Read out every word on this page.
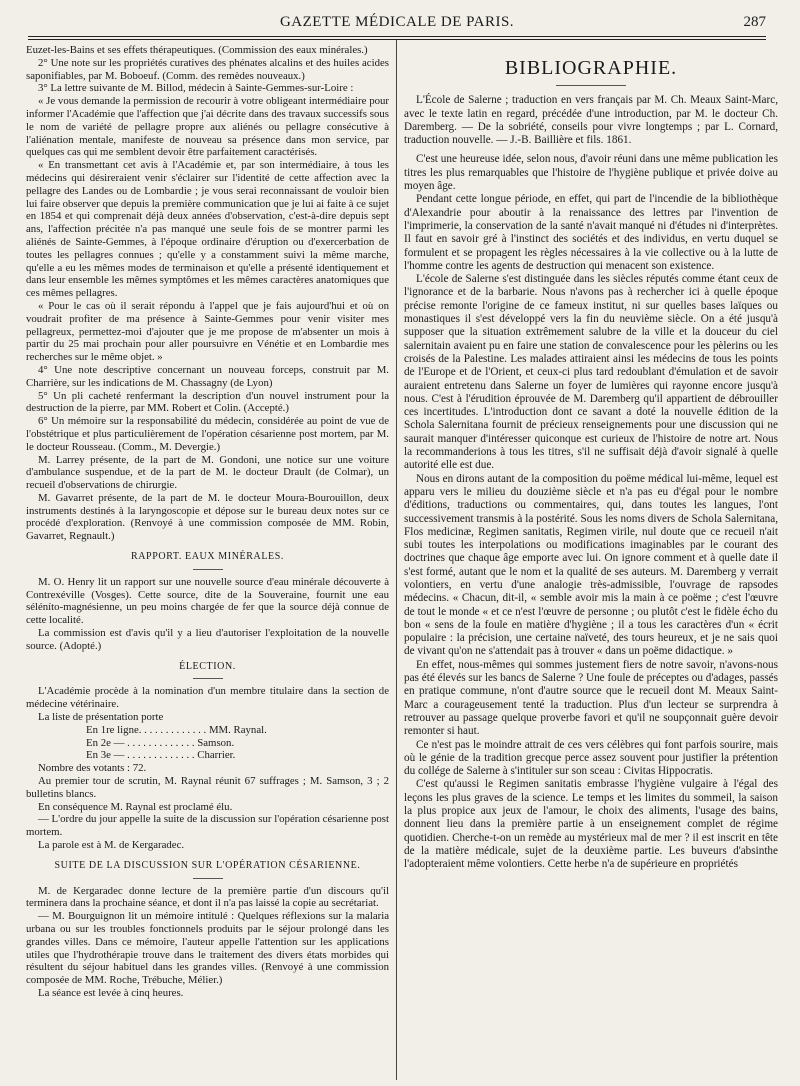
GAZETTE MÉDICALE DE PARIS.	287

Euzet-les-Bains et ses effets thérapeutiques. (Commission des eaux minérales.)

2° Une note sur les propriétés curatives des phénates alcalins et des huiles acides saponifiables, par M. Boboeuf. (Comm. des remèdes nouveaux.)

3° La lettre suivante de M. Billod, médecin à Sainte-Gemmes-sur-Loire :

« Je vous demande la permission de recourir à votre obligeant intermédiaire pour informer l'Académie que l'affection que j'ai décrite dans des travaux successifs sous le nom de variété de pellagre propre aux aliénés ou pellagre consécutive à l'aliénation mentale, manifeste de nouveau sa présence dans mon service, par quelques cas qui me semblent devoir être parfaitement caractérisés.

« En transmettant cet avis à l'Académie et, par son intermédiaire, à tous les médecins qui désireraient venir s'éclairer sur l'identité de cette affection avec la pellagre des Landes ou de Lombardie ; je vous serai reconnaissant de vouloir bien lui faire observer que depuis la première communication que je lui ai faite à ce sujet en 1854 et qui comprenait déjà deux années d'observation, c'est-à-dire depuis sept ans, l'affection précitée n'a pas manqué une seule fois de se montrer parmi les aliénés de Sainte-Gemmes, à l'époque ordinaire d'éruption ou d'exercerbation de toutes les pellagres connues ; qu'elle y a constamment suivi la même marche, qu'elle a eu les mêmes modes de terminaison et qu'elle a présenté identiquement et dans leur ensemble les mêmes symptômes et les mêmes caractères anatomiques que ces mêmes pellagres.

« Pour le cas où il serait répondu à l'appel que je fais aujourd'hui et où on voudrait profiter de ma présence à Sainte-Gemmes pour venir visiter mes pellagreux, permettez-moi d'ajouter que je me propose de m'absenter un mois à partir du 25 mai prochain pour aller poursuivre en Vénétie et en Lombardie mes recherches sur le même objet. »

4° Une note descriptive concernant un nouveau forceps, construit par M. Charrière, sur les indications de M. Chassagny (de Lyon)

5° Un pli cacheté renfermant la description d'un nouvel instrument pour la destruction de la pierre, par MM. Robert et Colin. (Accepté.)

6° Un mémoire sur la responsabilité du médecin, considérée au point de vue de l'obstétrique et plus particulièrement de l'opération césarienne post mortem, par M. le docteur Rousseau. (Comm., M. Devergie.)

M. Larrey présente, de la part de M. Gondoni, une notice sur une voiture d'ambulance suspendue, et de la part de M. le docteur Drault (de Colmar), un recueil d'observations de chirurgie.

M. Gavarret présente, de la part de M. le docteur Moura-Bourouillon, deux instruments destinés à la laryngoscopie et dépose sur le bureau deux notes sur ce procédé d'exploration. (Renvoyé à une commission composée de MM. Robin, Gavarret, Regnault.)

RAPPORT. EAUX MINÉRALES.

M. O. Henry lit un rapport sur une nouvelle source d'eau minérale découverte à Contrexéville (Vosges). Cette source, dite de la Souveraine, fournit une eau séléníto-magnésienne, un peu moins chargée de fer que la source déjà connue de cette localité.

La commission est d'avis qu'il y a lieu d'autoriser l'exploitation de la nouvelle source. (Adopté.)

ÉLECTION.

L'Académie procède à la nomination d'un membre titulaire dans la section de médecine vétérinaire.

La liste de présentation porte

En 1re ligne. . . . . . . . . . . . . MM. Raynal.

En 2e — . . . . . . . . . . . . . Samson.

En 3e — . . . . . . . . . . . . . Charrier.

Nombre des votants : 72.

Au premier tour de scrutin, M. Raynal réunit 67 suffrages ; M. Samson, 3 ; 2 bulletins blancs.

En conséquence M. Raynal est proclamé élu.

— L'ordre du jour appelle la suite de la discussion sur l'opération césarienne post mortem.

La parole est à M. de Kergaradec.

SUITE DE LA DISCUSSION SUR L'OPÉRATION CÉSARIENNE.

M. de Kergaradec donne lecture de la première partie d'un discours qu'il terminera dans la prochaine séance, et dont il n'a pas laissé la copie au secrétariat.

— M. Bourguignon lit un mémoire intitulé : Quelques réflexions sur la malaria urbana ou sur les troubles fonctionnels produits par le séjour prolongé dans les grandes villes. Dans ce mémoire, l'auteur appelle l'attention sur les applications utiles que l'hydrothérapie trouve dans le traitement des divers états morbides qui résultent du séjour habituel dans les grandes villes. (Renvoyé à une commission composée de MM. Roche, Trébuche, Mélier.)

La séance est levée à cinq heures.

BIBLIOGRAPHIE.

L'École de Salerne ; traduction en vers français par M. Ch. Meaux Saint-Marc, avec le texte latin en regard, précédée d'une introduction, par M. le docteur Ch. Daremberg. — De la sobriété, conseils pour vivre longtemps ; par L. Cornard, traduction nouvelle. — J.-B. Baillière et fils. 1861.

C'est une heureuse idée, selon nous, d'avoir réuni dans une même publication les titres les plus remarquables que l'histoire de l'hygiène publique et privée doive au moyen âge.

Pendant cette longue période, en effet, qui part de l'incendie de la bibliothèque d'Alexandrie pour aboutir à la renaissance des lettres par l'invention de l'imprimerie, la conservation de la santé n'avait manqué ni d'études ni d'interprètes. Il faut en savoir gré à l'instinct des sociétés et des individus, en vertu duquel se formulent et se propagent les règles nécessaires à la vie collective ou à la lutte de l'homme contre les agents de destruction qui menacent son existence.

L'école de Salerne s'est distinguée dans les siècles réputés comme étant ceux de l'ignorance et de la barbarie. Nous n'avons pas à rechercher ici à quelle époque précise remonte l'origine de ce fameux institut, ni sur quelles bases laïques ou monastiques il s'est développé vers la fin du neuvième siècle. On a été jusqu'à supposer que la situation extrêmement salubre de la ville et la douceur du ciel salernitain avaient pu en faire une station de convalescence pour les pèlerins ou les croisés de la Palestine. Les malades attiraient ainsi les médecins de tous les points de l'Europe et de l'Orient, et ceux-ci plus tard redoublant d'émulation et de savoir auraient entretenu dans Salerne un foyer de lumières qui rayonne encore jusqu'à nous. C'est à l'érudition éprouvée de M. Daremberg qu'il appartient de débrouiller ces incertitudes. L'introduction dont ce savant a doté la nouvelle édition de la Schola Salernitana fournit de précieux renseignements pour une discussion qui ne saurait manquer d'intéresser quiconque est curieux de l'histoire de notre art. Nous la recommanderions à tous les titres, s'il ne suffisait déjà d'avoir signalé à quelle autorité elle est due.

Nous en dirons autant de la composition du poëme médical lui-même, lequel est apparu vers le milieu du douzième siècle et n'a pas eu d'égal pour le nombre d'éditions, traductions ou commentaires, qui, dans toutes les langues, l'ont successivement transmis à la postérité. Sous les noms divers de Schola Salernitana, Flos medicinæ, Regimen sanitatis, Regimen virile, nul doute que ce recueil n'ait subi toutes les interpolations ou modifications imaginables par le courant des doctrines que chaque âge emporte avec lui. On ignore comment et à quelle date il s'est formé, autant que le nom et la qualité de ses auteurs. M. Daremberg y verrait volontiers, en vertu d'une analogie très-admissible, l'ouvrage de rapsodes médecins. « Chacun, dit-il, « semble avoir mis la main à ce poëme ; c'est l'œuvre de tout le monde « et ce n'est l'œuvre de personne ; ou plutôt c'est le fidèle écho du bon « sens de la foule en matière d'hygiène ; il a tous les caractères d'un « écrit populaire : la précision, une certaine naïveté, des tours heureux, et je ne sais quoi de vivant qu'on ne s'attendait pas à trouver « dans un poëme didactique. »

En effet, nous-mêmes qui sommes justement fiers de notre savoir, n'avons-nous pas été élevés sur les bancs de Salerne ? Une foule de préceptes ou d'adages, passés en pratique commune, n'ont d'autre source que le recueil dont M. Meaux Saint-Marc a courageusement tenté la traduction. Plus d'un lecteur se surprendra à retrouver au passage quelque proverbe favori et qu'il ne soupçonnait guère devoir remonter si haut.

Ce n'est pas le moindre attrait de ces vers célèbres qui font parfois sourire, mais où le génie de la tradition grecque perce assez souvent pour justifier la prétention du collége de Salerne à s'intituler sur son sceau : Civitas Hippocratis.

C'est qu'aussi le Regimen sanitatis embrasse l'hygiène vulgaire à l'égal des leçons les plus graves de la science. Le temps et les limites du sommeil, la saison la plus propice aux jeux de l'amour, le choix des aliments, l'usage des bains, donnent lieu dans la première partie à un enseignement complet de régime quotidien. Cherche-t-on un remède au mystérieux mal de mer ? il est inscrit en tête de la matière médicale, sujet de la deuxième partie. Les buveurs d'absinthe l'adopteraient même volontiers. Cette herbe n'a de supérieure en propriétés
